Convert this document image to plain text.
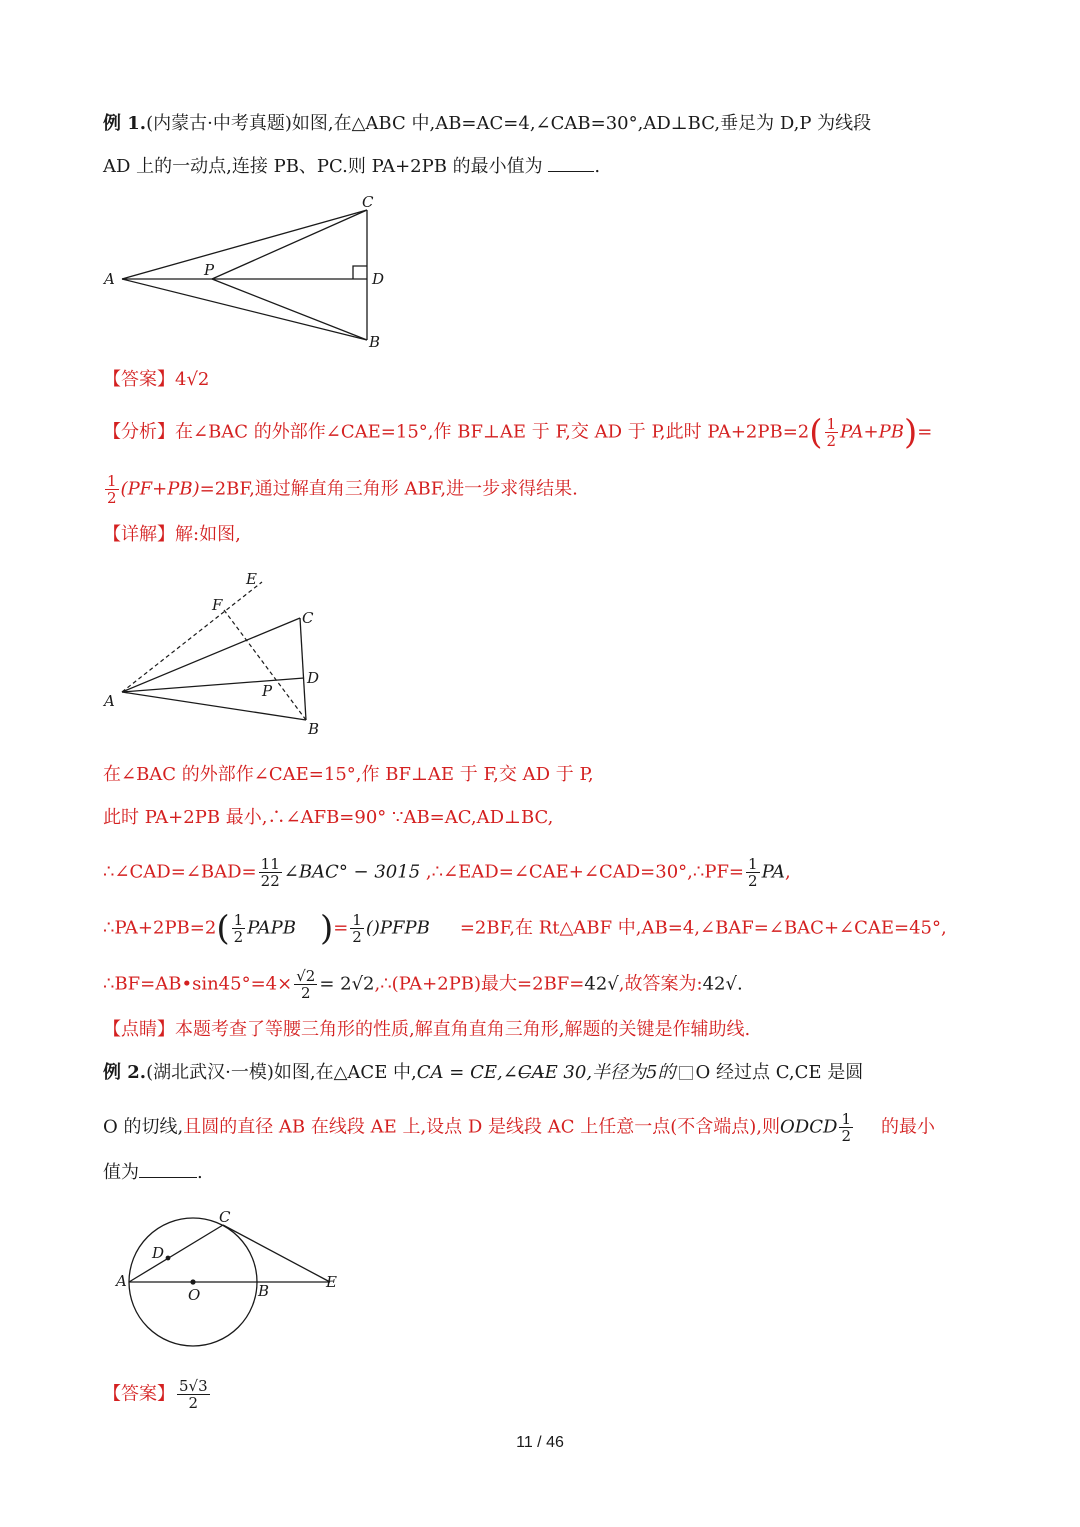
例 1.(内蒙古·中考真题)如图,在△ABC 中,AB=AC=4,∠CAB=30°,AD⊥BC,垂足为 D,P 为线段
AD 上的一动点,连接 PB、PC.则 PA+2PB 的最小值为	.
A	P
C
D
B
【答案】4√2
【分析】在∠BAC 的外部作∠CAE=15°,作 BF⊥AE 于 F,交 AD 于 P,此时 $PA+2PB=2( \frac{1}{2} PA+PB)=$
$\frac{1}{2} (PF+PB)=2BF$,通过解直角三角形 ABF,进一步求得结果.
【详解】解:如图,
A
E
F
C
D
P
B
在∠BAC 的外部作∠CAE=15°,作 BF⊥AE 于 F,交 AD 于 P,
此时 PA+2PB 最小,∴∠AFB=90° ∵AB=AC,AD⊥BC,
∴∠CAD=∠BAD= $\frac{11}{22}$ ∠BAC° − 3015 ,∴∠EAD=∠CAE+∠CAD=30°,∴PF= $\frac{1}{2}$ PA,
∴PA+2PB=2( $\frac{1}{2}$ PAPB )= $\frac{1}{2}$ ()PFPB =2BF,在 Rt△ABF 中,AB=4,∠BAF=∠BAC+∠CAE=45°,
∴BF=AB•sin45°=4× $\frac{√2}{2}$ = 2√2,∴(PA+2PB)最大=2BF=42√,故答案为:42√.
【点睛】本题考查了等腰三角形的性质,解直角直角三角形,解题的关键是作辅助线.
例 2.(湖北武汉·一模)如图,在△ACE 中,CA = CE,∠C̶A̶E 30,半径为5的 O 经过点 C,CE 是圆
O 的切线,且圆的直径 AB 在线段 AE 上,设点 D 是线段 AC 上任意一点(不含端点),则ODCD $\frac{1}{2}$ 的最小
值为	.
A
D
C
O	B	E
【答案】 $\frac{5√3}{2}$
11 / 46
